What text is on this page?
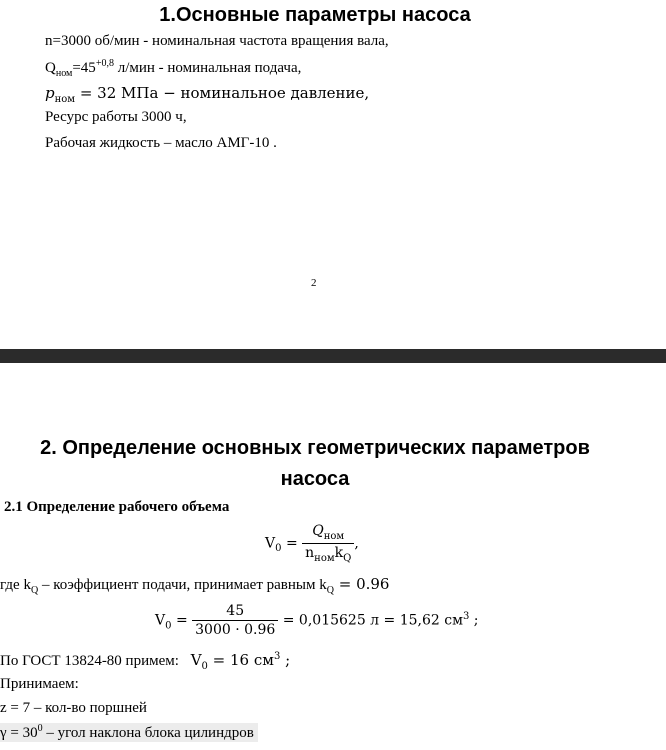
1.Основные параметры насоса
n=3000 об/мин - номинальная частота вращения вала,
$Q_{ном}=45^{+0,8}$ л/мин - номинальная подача,
$p_{ном} = 32$ МПа − номинальное давление,
Ресурс работы 3000 ч,
Рабочая жидкость – масло АМГ-10 .
2
2. Определение основных геометрических параметров
насоса
2.1 Определение рабочего объема
$V_0 = \frac{Q_{ном}}{n_{ном}k_Q}$ ,
где $k_Q$ – коэффициент подачи, принимает равным $k_Q = 0.96$
$V_0 = \frac{45}{3000 \cdot 0.96} = 0,015625$ л = 15,62 $см^3$ ;
По ГОСТ 13824-80 примем: $V_0 = 16$ $см^3$ ;
Принимаем:
z = 7 – кол-во поршней
$\gamma = 30^0$ – угол наклона блока цилиндров
